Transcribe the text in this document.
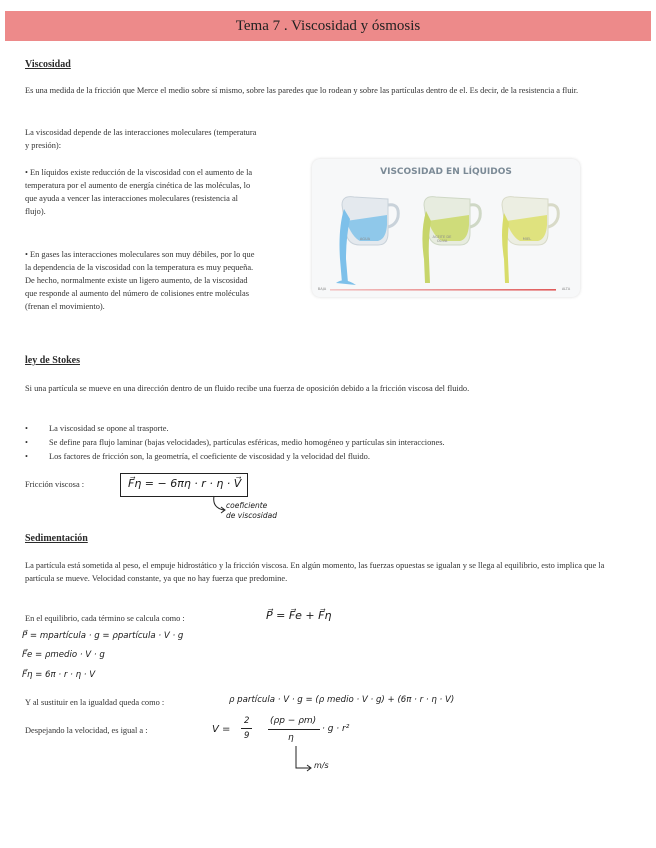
Tema 7 . Viscosidad y ósmosis
Viscosidad
Es una medida de la fricción que Merce el medio sobre sí mismo, sobre las paredes que lo rodean y sobre las partículas dentro de el. Es decir, de la resistencia a fluir.
La viscosidad depende de las interacciones moleculares (temperatura y presión):
• En líquidos existe reducción de la viscosidad con el aumento de la temperatura por el aumento de energía cinética de las moléculas, lo que ayuda a vencer las interacciones moleculares (resistencia al flujo).
• En gases las interacciones moleculares son muy débiles, por lo que la dependencia de la viscosidad con la temperatura es muy pequeña. De hecho, normalmente existe un ligero aumento, de la viscosidad que responde al aumento del número de colisiones entre moléculas (frenan el movimiento).
VISCOSIDAD EN LÍQUIDOS
AGUA	ACEITE DE OLIVA	MIEL
BAJA	ALTA
ley de Stokes
Si una partícula se mueve en una dirección dentro de un fluido recibe una fuerza de oposición debido a la fricción viscosa del fluido.
•	La viscosidad se opone al trasporte.
•	Se define para flujo laminar (bajas velocidades), partículas esféricas, medio homogéneo y partículas sin interacciones.
•	Los factores de fricción son, la geometría, el coeficiente de viscosidad y la velocidad del fluido.
Fricción viscosa :	F⃗η = − 6πη · r · η · V⃗
coeficiente
de viscosidad
Sedimentación
La partícula está sometida al peso, el empuje hidrostático y la fricción viscosa. En algún momento, las fuerzas opuestas se igualan y se llega al equilibrio, esto implica que la partícula se mueve. Velocidad constante, ya que no hay fuerza que predomine.
En el equilibrio, cada término se calcula como :	P⃗ = F⃗e + F⃗η
P⃗ = mpartícula · g = ρpartícula · V · g
F⃗e = ρmedio · V · g
F⃗η = 6π · r · η · V
Y al sustituir en la igualdad queda como :	ρ partícula · V · g = (ρ medio · V · g) + (6π · r · η · V)
Despejando la velocidad, es igual a :	V =
2
9
(ρp − ρm)
η
· g · r²
m/s
